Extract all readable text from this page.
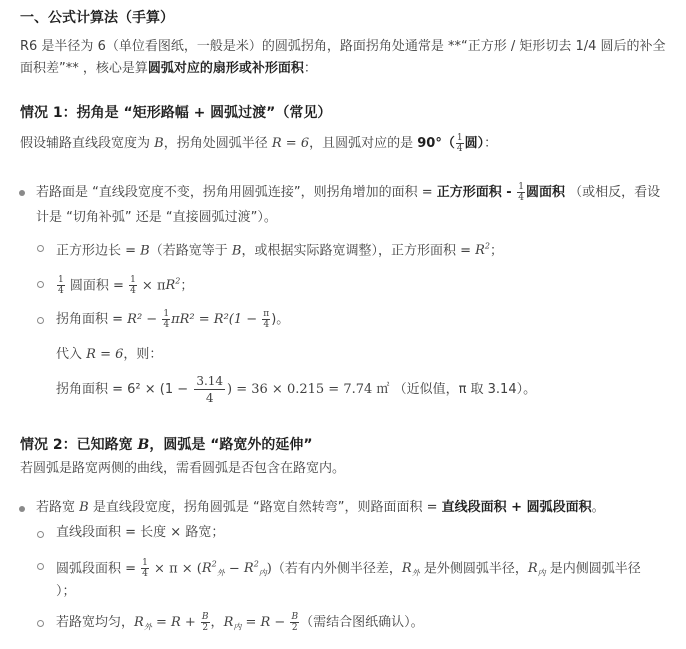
一、公式计算法（手算）
R6 是半径为 6（单位看图纸，一般是米）的圆弧拐角，路面拐角处通常是 **“正方形 / 矩形切去 1/4 圆后的补全
面积差”** ，核心是算圆弧对应的扇形或补形面积：
情况 1：拐角是 “矩形路幅 + 圆弧过渡”（常见）
假设辅路直线段宽度为 B，拐角处圆弧半径 R = 6，且圆弧对应的是 $90^\circ( \frac{1}{4}$ 圆）：
若路面是 “直线段宽度不变，拐角用圆弧连接”，则拐角增加的面积 = 正方形面积 - $\frac{1}{4}$ 圆面积 （或相反，看设
计是 “切角补弧” 还是 “直接圆弧过渡”）。
正方形边长 = B（若路宽等于 B，或根据实际路宽调整），正方形面积 = $R^2$；
$\frac{1}{4}$ 圆面积 = $\frac{1}{4} \times \pi R^2$；
拐角面积 = $R^2 - \frac{1}{4} \pi R^2 = R^2(1 - \frac{\pi}{4}$ )。
代入 R = 6，则：
拐角面积 = $6^2 \times (1 - \frac{3.14}{4}$ ) = 36 × 0.215 = 7.74 ㎡ （近似值，π 取 3.14）。
情况 2：已知路宽 B，圆弧是 “路宽外的延伸”
若圆弧是路宽两侧的曲线，需看圆弧是否包含在路宽内。
若路宽 B 是直线段宽度，拐角圆弧是 “路宽自然转弯”，则路面面积 = 直线段面积 + 圆弧段面积。
直线段面积 = 长度 × 路宽；
圆弧段面积 = $\frac{1}{4} \times \pi \times (R^2_外 - R^2_内)$（若有内外侧半径差，$R_外$ 是外侧圆弧半径，$R_内$ 是内侧圆弧半径
）；
若路宽均匀，$R_外 = R + \frac{B}{2}$ ，$R_内 = R - \frac{B}{2}$ （需结合图纸确认）。
